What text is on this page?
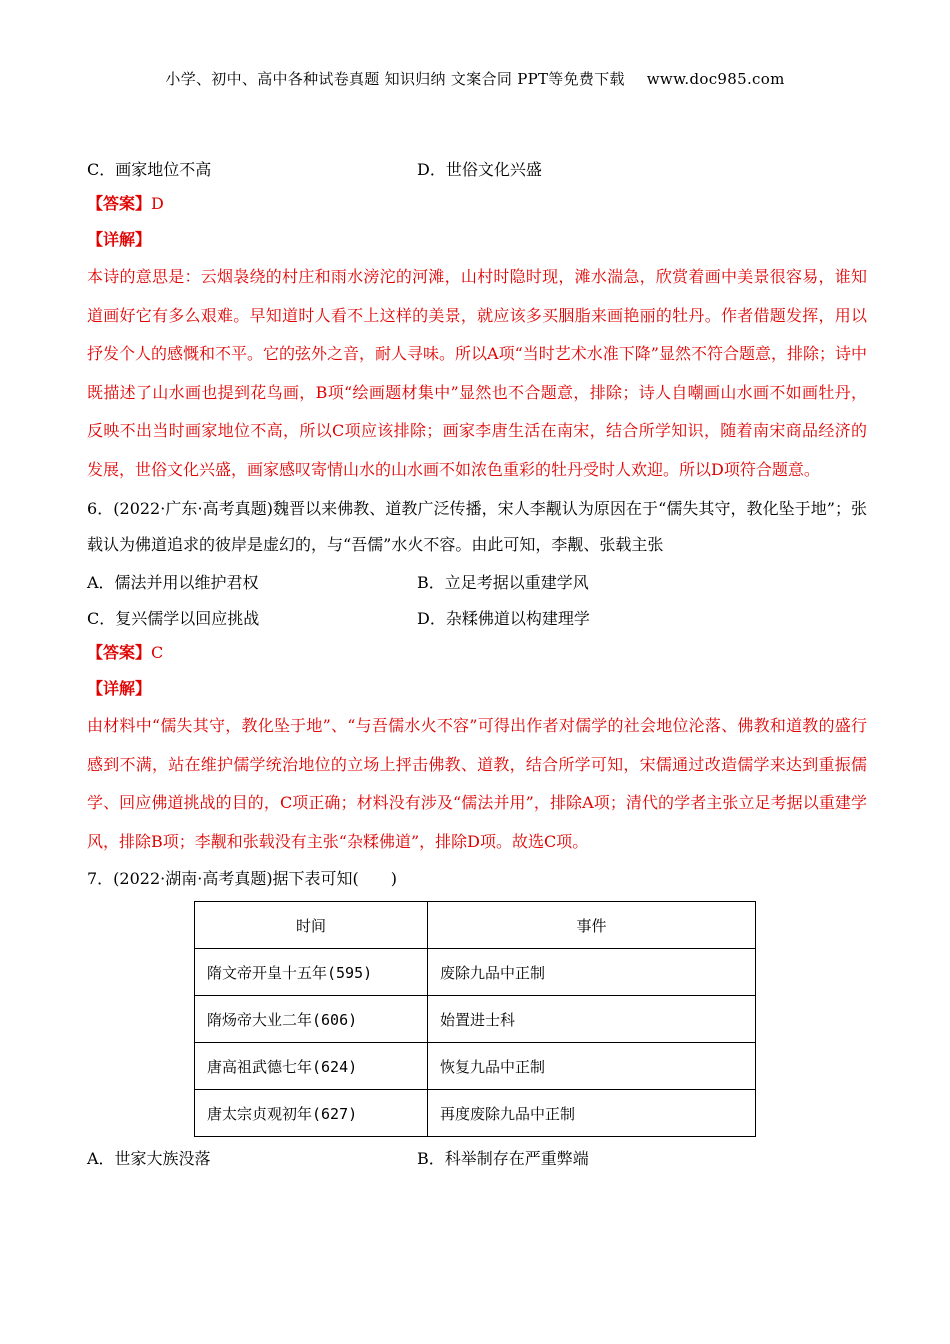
小学、初中、高中各种试卷真题 知识归纳 文案合同 PPT等免费下载 www.doc985.com
C．画家地位不高	D．世俗文化兴盛
【答案】D
【详解】
本诗的意思是：云烟袅绕的村庄和雨水滂沱的河滩，山村时隐时现，滩水湍急，欣赏着画中美景很容易，谁知道画好它有多么艰难。早知道时人看不上这样的美景，就应该多买胭脂来画艳丽的牡丹。作者借题发挥，用以抒发个人的感慨和不平。它的弦外之音，耐人寻味。所以A项“当时艺术水准下降”显然不符合题意，排除；诗中既描述了山水画也提到花鸟画，B项“绘画题材集中”显然也不合题意，排除；诗人自嘲画山水画不如画牡丹，反映不出当时画家地位不高，所以C项应该排除；画家李唐生活在南宋，结合所学知识，随着南宋商品经济的发展，世俗文化兴盛，画家感叹寄情山水的山水画不如浓色重彩的牡丹受时人欢迎。所以D项符合题意。
6．(2022·广东·高考真题)魏晋以来佛教、道教广泛传播，宋人李觏认为原因在于“儒失其守，教化坠于地”；张载认为佛道追求的彼岸是虚幻的，与“吾儒”水火不容。由此可知，李觏、张载主张
A．儒法并用以维护君权	B．立足考据以重建学风
C．复兴儒学以回应挑战	D．杂糅佛道以构建理学
【答案】C
【详解】
由材料中“儒失其守，教化坠于地”、“与吾儒水火不容”可得出作者对儒学的社会地位沦落、佛教和道教的盛行感到不满，站在维护儒学统治地位的立场上抨击佛教、道教，结合所学可知，宋儒通过改造儒学来达到重振儒学、回应佛道挑战的目的，C项正确；材料没有涉及“儒法并用”，排除A项；清代的学者主张立足考据以重建学风，排除B项；李觏和张载没有主张“杂糅佛道”，排除D项。故选C项。
7．(2022·湖南·高考真题)据下表可知(　　)
时间	事件
隋文帝开皇十五年(595)	废除九品中正制
隋炀帝大业二年(606)	始置进士科
唐高祖武德七年(624)	恢复九品中正制
唐太宗贞观初年(627)	再度废除九品中正制
A．世家大族没落	B．科举制存在严重弊端
